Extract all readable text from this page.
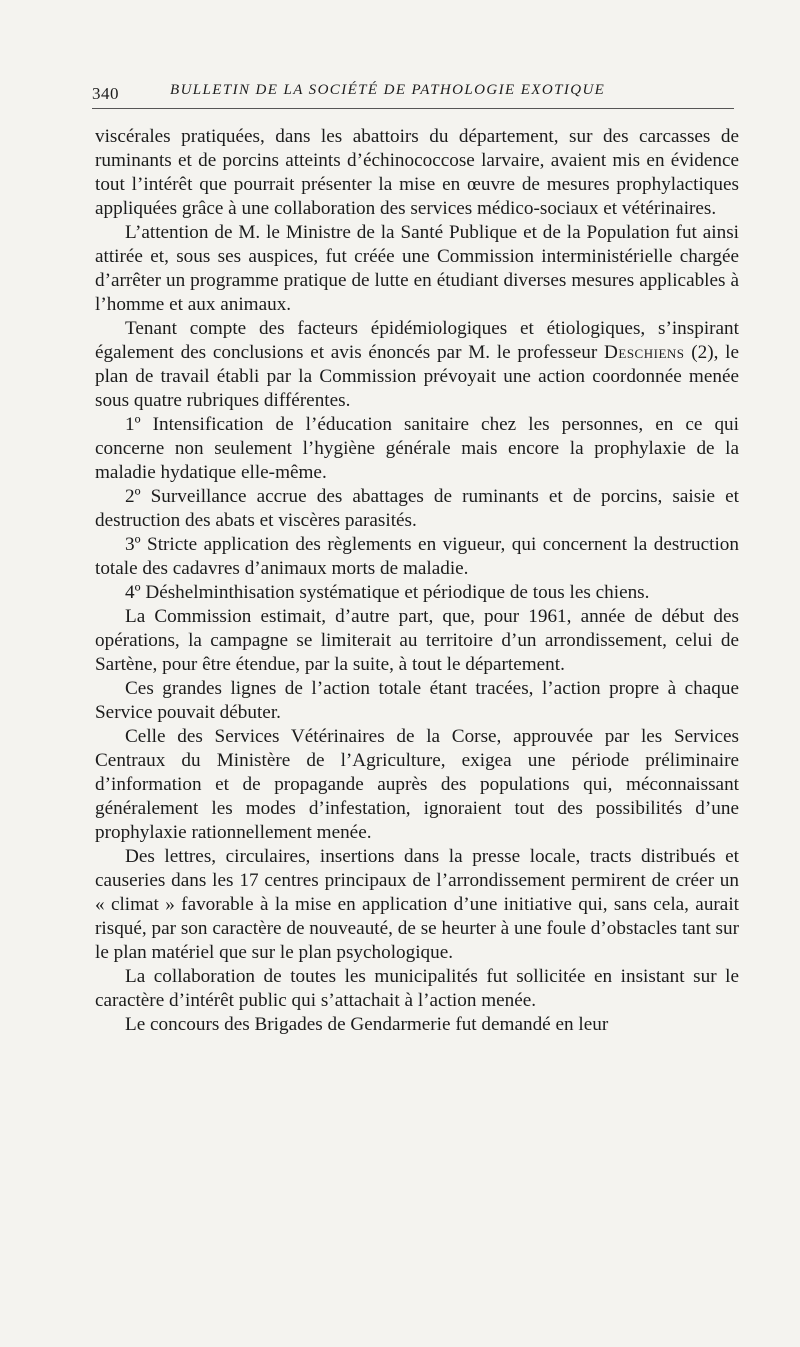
340	BULLETIN DE LA SOCIÉTÉ DE PATHOLOGIE EXOTIQUE

viscérales pratiquées, dans les abattoirs du département, sur des carcasses de ruminants et de porcins atteints d’échinococcose larvaire, avaient mis en évidence tout l’intérêt que pourrait présenter la mise en œuvre de mesures prophylactiques appliquées grâce à une collaboration des services médico-sociaux et vétérinaires.

L’attention de M. le Ministre de la Santé Publique et de la Population fut ainsi attirée et, sous ses auspices, fut créée une Commission interministérielle chargée d’arrêter un programme pratique de lutte en étudiant diverses mesures applicables à l’homme et aux animaux.

Tenant compte des facteurs épidémiologiques et étiologiques, s’inspirant également des conclusions et avis énoncés par M. le professeur Deschiens (2), le plan de travail établi par la Commission prévoyait une action coordonnée menée sous quatre rubriques différentes.

1º Intensification de l’éducation sanitaire chez les personnes, en ce qui concerne non seulement l’hygiène générale mais encore la prophylaxie de la maladie hydatique elle-même.

2º Surveillance accrue des abattages de ruminants et de porcins, saisie et destruction des abats et viscères parasités.

3º Stricte application des règlements en vigueur, qui concernent la destruction totale des cadavres d’animaux morts de maladie.

4º Déshelminthisation systématique et périodique de tous les chiens.

La Commission estimait, d’autre part, que, pour 1961, année de début des opérations, la campagne se limiterait au territoire d’un arrondissement, celui de Sartène, pour être étendue, par la suite, à tout le département.

Ces grandes lignes de l’action totale étant tracées, l’action propre à chaque Service pouvait débuter.

Celle des Services Vétérinaires de la Corse, approuvée par les Services Centraux du Ministère de l’Agriculture, exigea une période préliminaire d’information et de propagande auprès des populations qui, méconnaissant généralement les modes d’infestation, ignoraient tout des possibilités d’une prophylaxie rationnellement menée.

Des lettres, circulaires, insertions dans la presse locale, tracts distribués et causeries dans les 17 centres principaux de l’arrondissement permirent de créer un « climat » favorable à la mise en application d’une initiative qui, sans cela, aurait risqué, par son caractère de nouveauté, de se heurter à une foule d’obstacles tant sur le plan matériel que sur le plan psychologique.

La collaboration de toutes les municipalités fut sollicitée en insistant sur le caractère d’intérêt public qui s’attachait à l’action menée.

Le concours des Brigades de Gendarmerie fut demandé en leur
